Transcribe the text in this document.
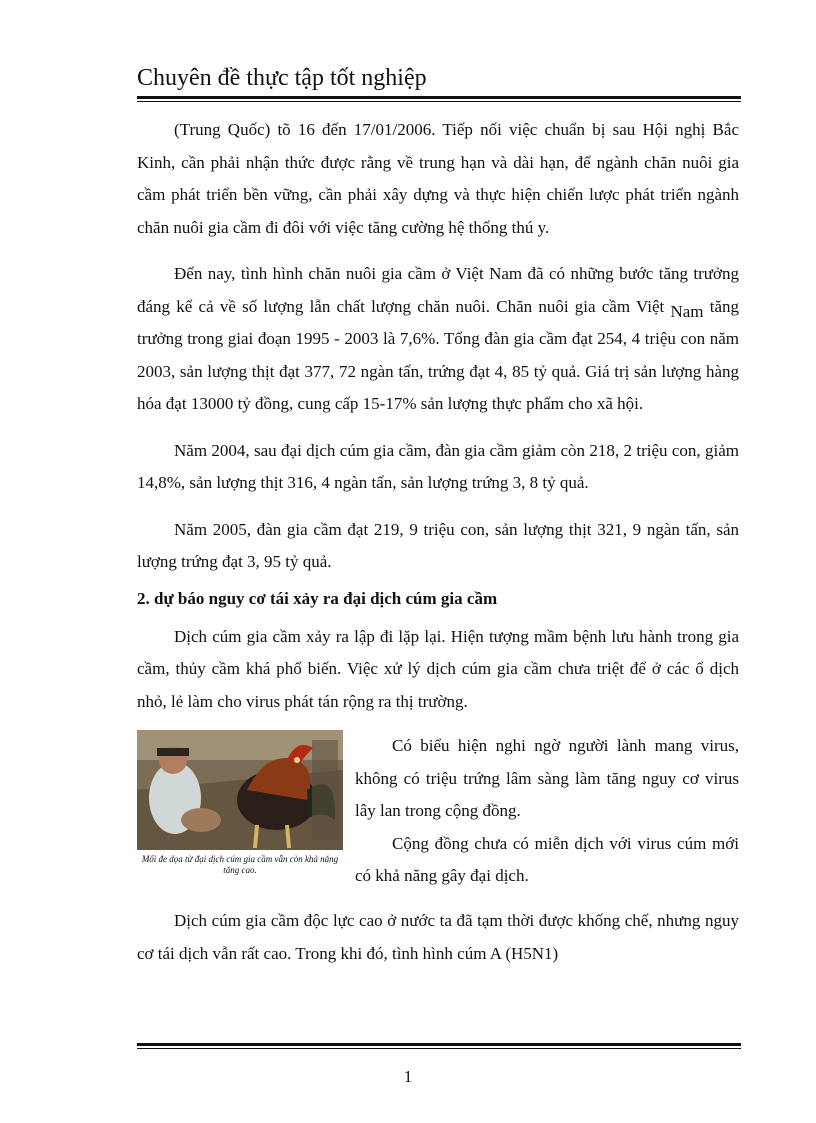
Chuyên đề thực tập tốt nghiệp

(Trung Quốc) tõ 16 đến 17/01/2006. Tiếp nối việc chuẩn bị sau Hội nghị Bắc Kinh, cần phải nhận thức được rằng về trung hạn và dài hạn, để ngành chăn nuôi gia cầm phát triển bền vững, cần phải xây dựng và thực hiện chiến lược phát triển ngành chăn nuôi gia cầm đi đôi với việc tăng cường hệ thống thú y.

Đến nay, tình hình chăn nuôi gia cầm ở Việt Nam đã có những bước tăng trưởng đáng kể cả về số lượng lẫn chất lượng chăn nuôi. Chăn nuôi gia cầm Việt Nam tăng trưởng trong giai đoạn 1995 - 2003 là 7,6%. Tổng đàn gia cầm đạt 254, 4 triệu con năm 2003, sản lượng thịt đạt 377, 72 ngàn tấn, trứng đạt 4, 85 tỷ quả. Giá trị sản lượng hàng hóa đạt 13000 tỷ đồng, cung cấp 15-17% sản lượng thực phẩm cho xã hội.

Năm 2004, sau đại dịch cúm gia cầm, đàn gia cầm giảm còn 218, 2 triệu con, giảm 14,8%, sản lượng thịt 316, 4 ngàn tấn, sản lượng trứng 3, 8 tỷ quả.

Năm 2005, đàn gia cầm đạt 219, 9 triệu con, sản lượng thịt 321, 9 ngàn tấn, sản lượng trứng đạt 3, 95 tỷ quả.

2. dự báo nguy cơ tái xảy ra đại dịch cúm gia cầm

Dịch cúm gia cầm xảy ra lập đi lặp lại. Hiện tượng mầm bệnh lưu hành trong gia cầm, thủy cầm khá phổ biến. Việc xử lý dịch cúm gia cầm chưa triệt để ở các ổ dịch nhỏ, lẻ làm cho virus phát tán rộng ra thị trường.

Mối đe dọa từ đại dịch cúm gia cầm vẫn còn khả năng tăng cao.

Có biểu hiện nghi ngờ người lành mang virus, không có triệu trứng lâm sàng làm tăng nguy cơ virus lây lan trong cộng đồng.

Cộng đồng chưa có miễn dịch với virus cúm mới có khả năng gây đại dịch.

Dịch cúm gia cầm độc lực cao ở nước ta đã tạm thời được khống chế, nhưng nguy cơ tái dịch vẫn rất cao. Trong khi đó, tình hình cúm A (H5N1)

1
